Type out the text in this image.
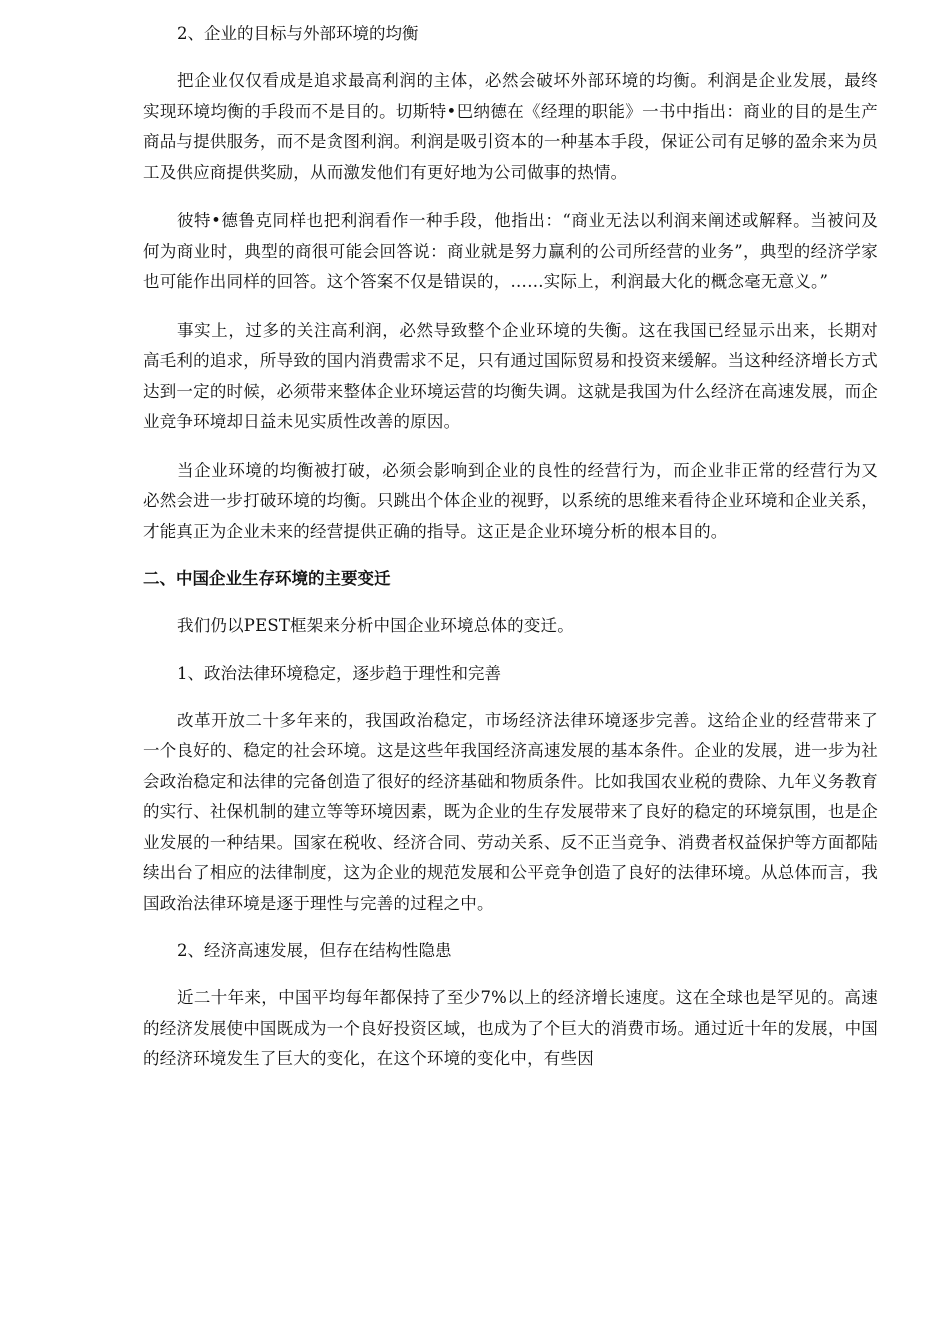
2、企业的目标与外部环境的均衡

把企业仅仅看成是追求最高利润的主体，必然会破坏外部环境的均衡。利润是企业发展，最终实现环境均衡的手段而不是目的。切斯特•巴纳德在《经理的职能》一书中指出：商业的目的是生产商品与提供服务，而不是贪图利润。利润是吸引资本的一种基本手段，保证公司有足够的盈余来为员工及供应商提供奖励，从而激发他们有更好地为公司做事的热情。

彼特•德鲁克同样也把利润看作一种手段，他指出：“商业无法以利润来阐述或解释。当被问及何为商业时，典型的商很可能会回答说：商业就是努力赢利的公司所经营的业务”，典型的经济学家也可能作出同样的回答。这个答案不仅是错误的，……实际上，利润最大化的概念毫无意义。”

事实上，过多的关注高利润，必然导致整个企业环境的失衡。这在我国已经显示出来，长期对高毛利的追求，所导致的国内消费需求不足，只有通过国际贸易和投资来缓解。当这种经济增长方式达到一定的时候，必须带来整体企业环境运营的均衡失调。这就是我国为什么经济在高速发展，而企业竞争环境却日益未见实质性改善的原因。

当企业环境的均衡被打破，必须会影响到企业的良性的经营行为，而企业非正常的经营行为又必然会进一步打破环境的均衡。只跳出个体企业的视野，以系统的思维来看待企业环境和企业关系，才能真正为企业未来的经营提供正确的指导。这正是企业环境分析的根本目的。

二、中国企业生存环境的主要变迁

我们仍以PEST框架来分析中国企业环境总体的变迁。

1、政治法律环境稳定，逐步趋于理性和完善

改革开放二十多年来的，我国政治稳定，市场经济法律环境逐步完善。这给企业的经营带来了一个良好的、稳定的社会环境。这是这些年我国经济高速发展的基本条件。企业的发展，进一步为社会政治稳定和法律的完备创造了很好的经济基础和物质条件。比如我国农业税的费除、九年义务教育的实行、社保机制的建立等等环境因素，既为企业的生存发展带来了良好的稳定的环境氛围，也是企业发展的一种结果。国家在税收、经济合同、劳动关系、反不正当竞争、消费者权益保护等方面都陆续出台了相应的法律制度，这为企业的规范发展和公平竞争创造了良好的法律环境。从总体而言，我国政治法律环境是逐于理性与完善的过程之中。

2、经济高速发展，但存在结构性隐患

近二十年来，中国平均每年都保持了至少7%以上的经济增长速度。这在全球也是罕见的。高速的经济发展使中国既成为一个良好投资区域，也成为了个巨大的消费市场。通过近十年的发展，中国的经济环境发生了巨大的变化，在这个环境的变化中，有些因
